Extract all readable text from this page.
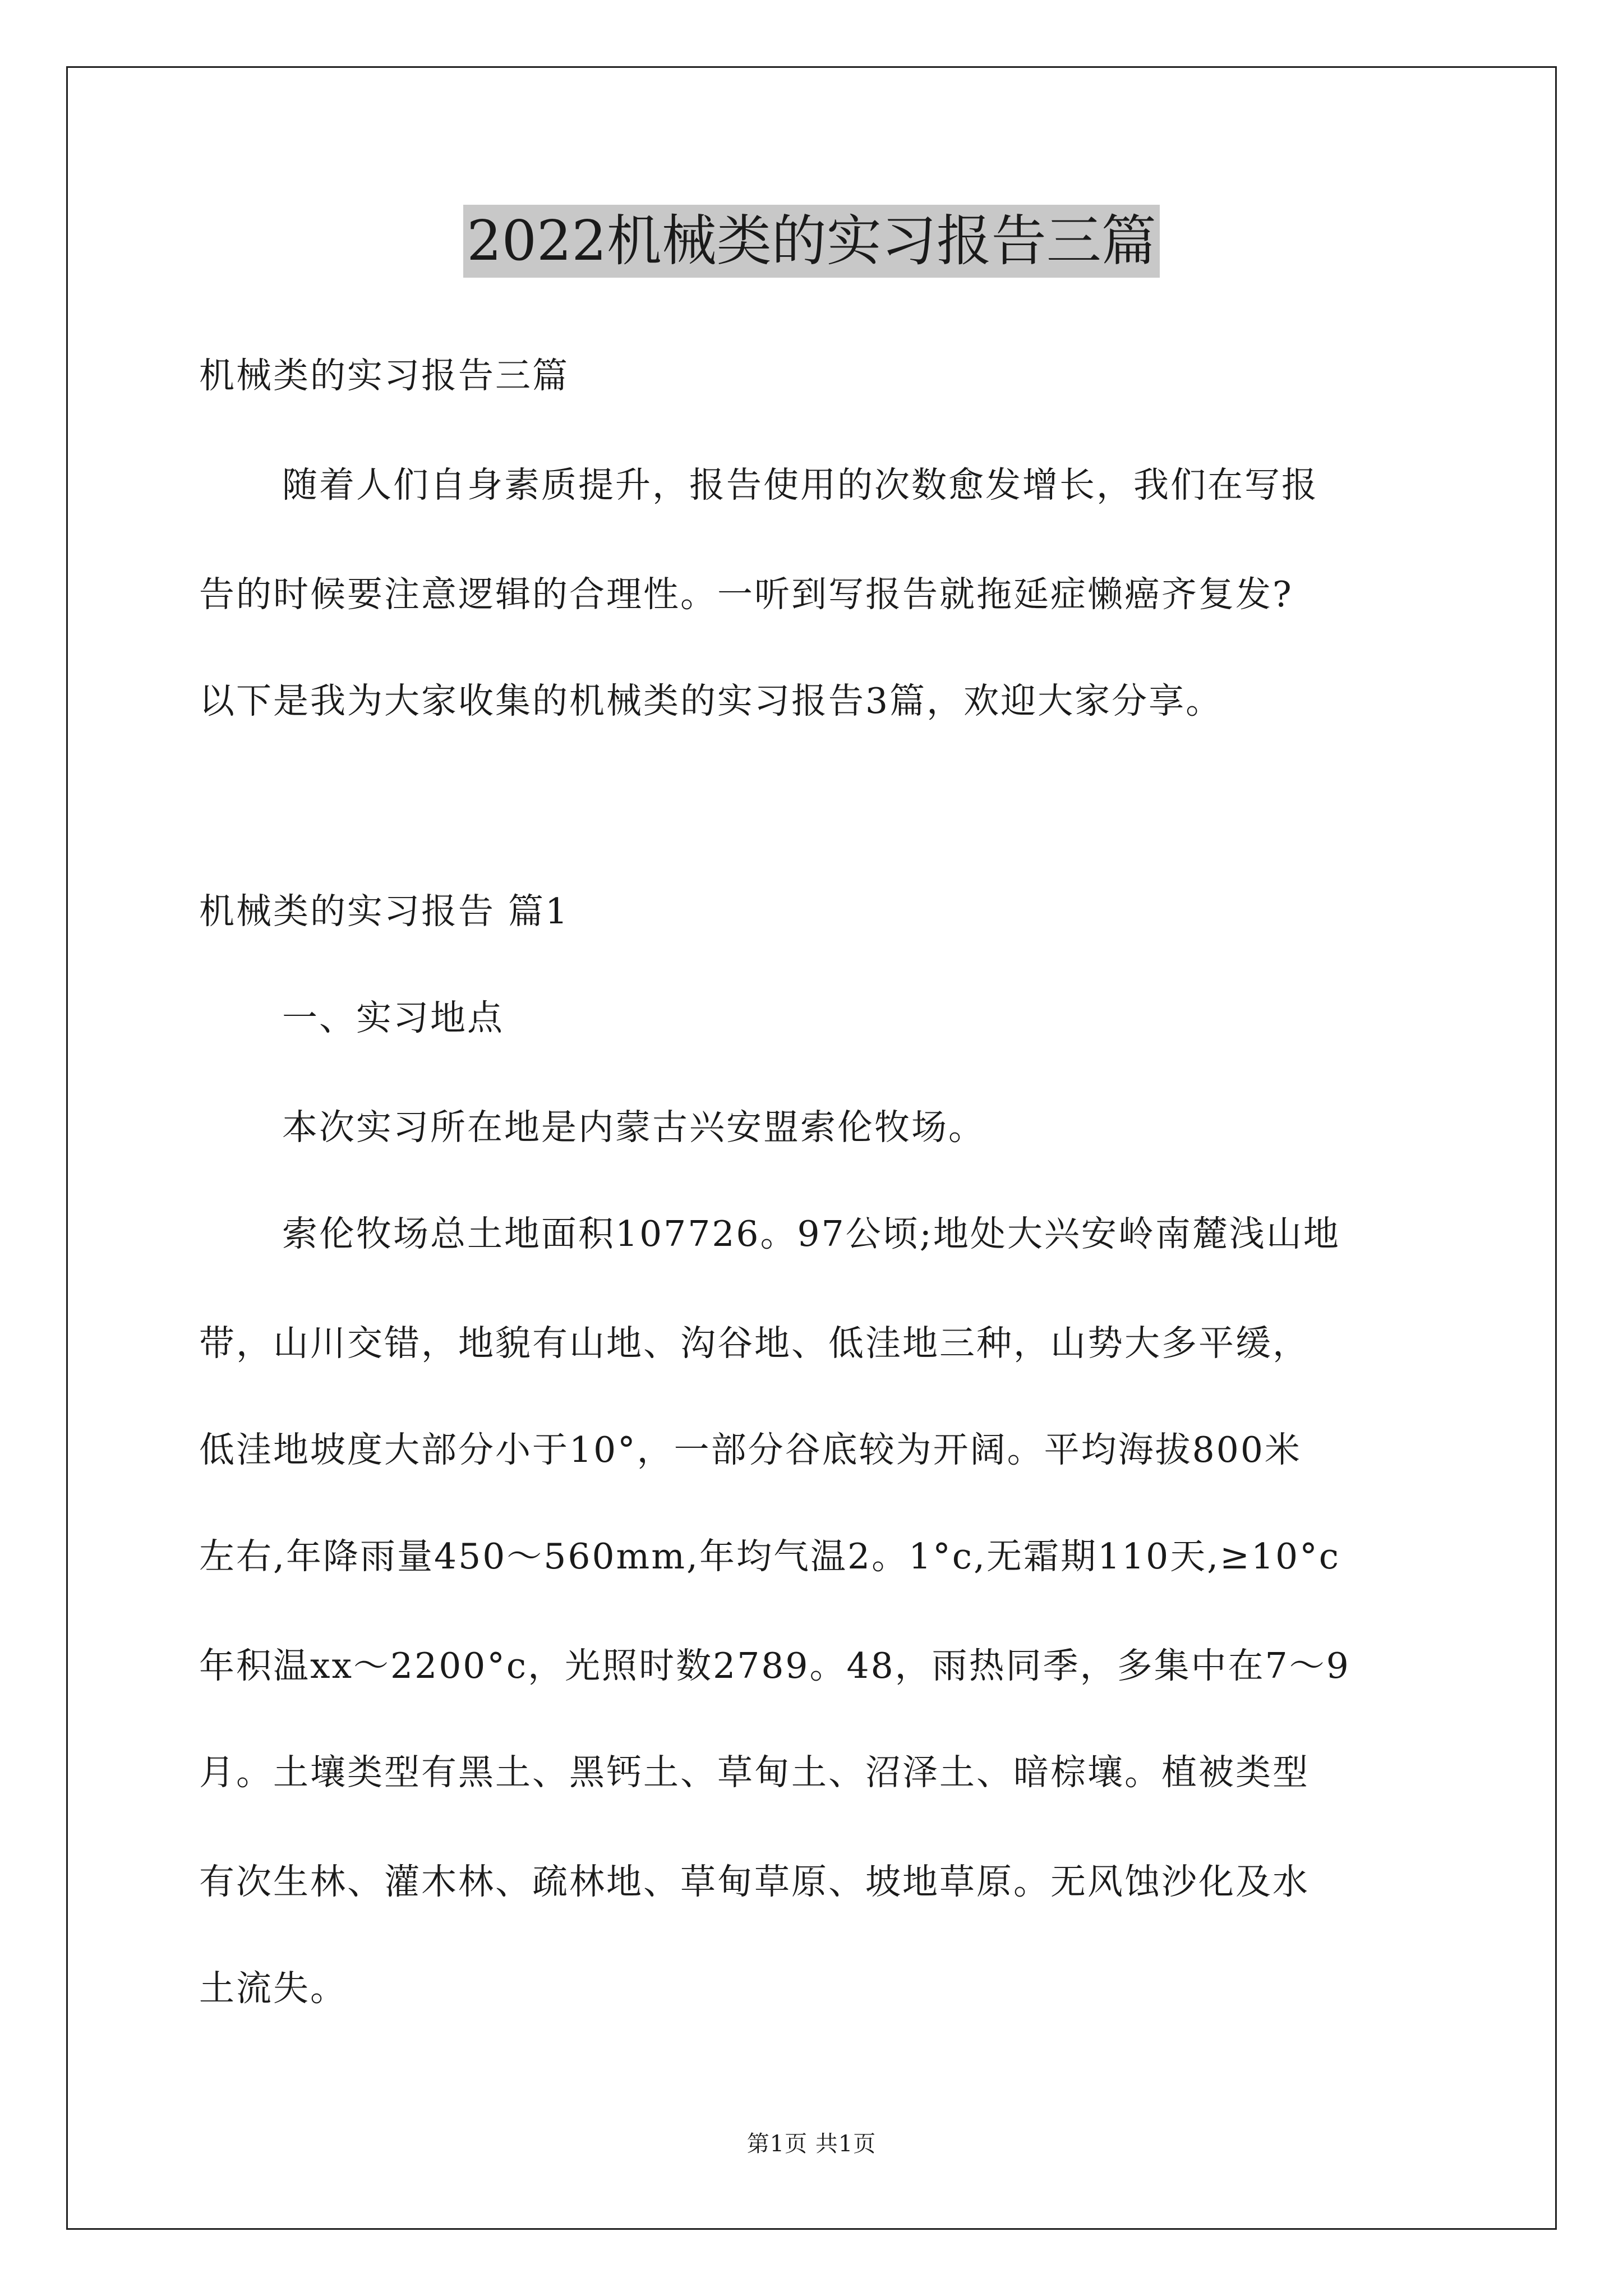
2022机械类的实习报告三篇
机械类的实习报告三篇
随着人们自身素质提升，报告使用的次数愈发增长，我们在写报
告的时候要注意逻辑的合理性。一听到写报告就拖延症懒癌齐复发?
以下是我为大家收集的机械类的实习报告3篇，欢迎大家分享。
机械类的实习报告 篇1
一、实习地点
本次实习所在地是内蒙古兴安盟索伦牧场。
索伦牧场总土地面积107726。97公顷;地处大兴安岭南麓浅山地
带，山川交错，地貌有山地、沟谷地、低洼地三种，山势大多平缓，
低洼地坡度大部分小于10°，一部分谷底较为开阔。平均海拔800米
左右,年降雨量450～560mm,年均气温2。1°c,无霜期110天,≥10°c
年积温xx～2200°c，光照时数2789。48，雨热同季，多集中在7～9
月。土壤类型有黑土、黑钙土、草甸土、沼泽土、暗棕壤。植被类型
有次生林、灌木林、疏林地、草甸草原、坡地草原。无风蚀沙化及水
土流失。
第1页 共1页
